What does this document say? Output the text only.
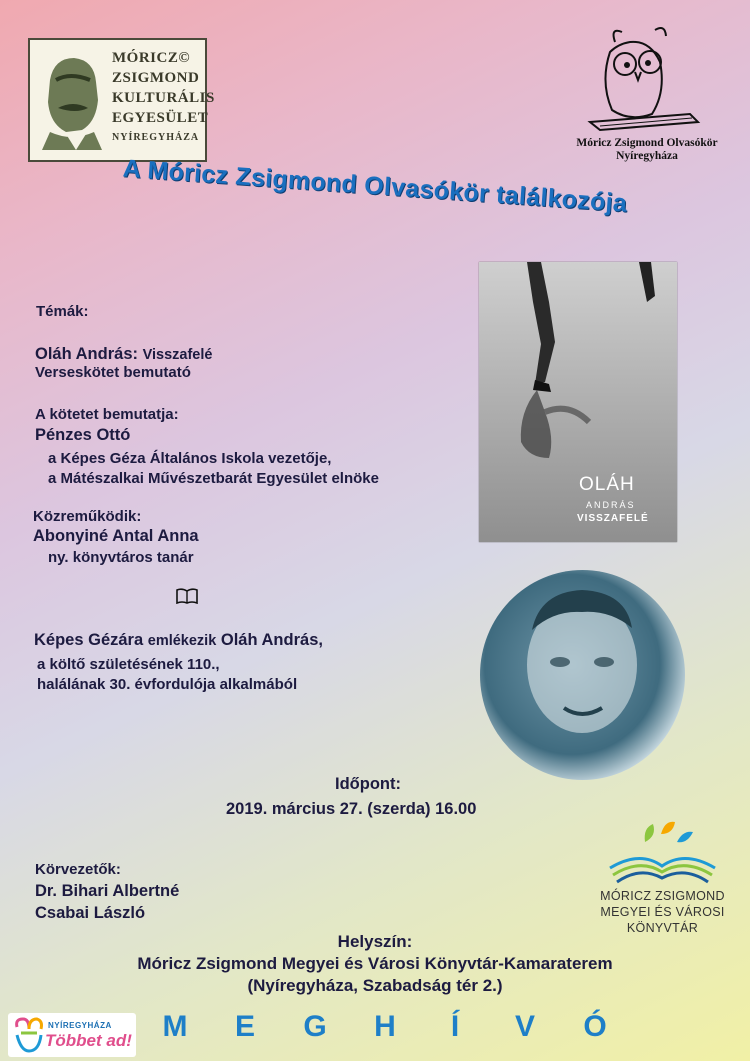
MÓRICZ©
ZSIGMOND
KULTURÁLIS
EGYESÜLET
NYÍREGYHÁZA	Móricz Zsigmond Olvasókör
Nyíregyháza
A Móricz Zsigmond Olvasókör találkozója
Témák:
Oláh András: Visszafelé
Verseskötet bemutató
A kötetet bemutatja:
Pénzes Ottó
a Képes Géza Általános Iskola vezetője,
a Mátészalkai Művészetbarát Egyesület elnöke
Közreműködik:
Abonyiné Antal Anna
ny. könyvtáros tanár
Képes Gézára emlékezik Oláh András,
a költő születésének 110.,
halálának 30. évfordulója alkalmából
OLÁH
ANDRÁS
VISSZAFELÉ
Időpont:
2019. március 27. (szerda) 16.00
Körvezetők:
Dr. Bihari Albertné
Csabai László
MÓRICZ ZSIGMOND
MEGYEI ÉS VÁROSI
KÖNYVTÁR
Helyszín:
Móricz Zsigmond Megyei és Városi Könyvtár-Kamaraterem
(Nyíregyháza, Szabadság tér 2.)
NYÍREGYHÁZA
Többet ad!	M E G H Í V Ó
